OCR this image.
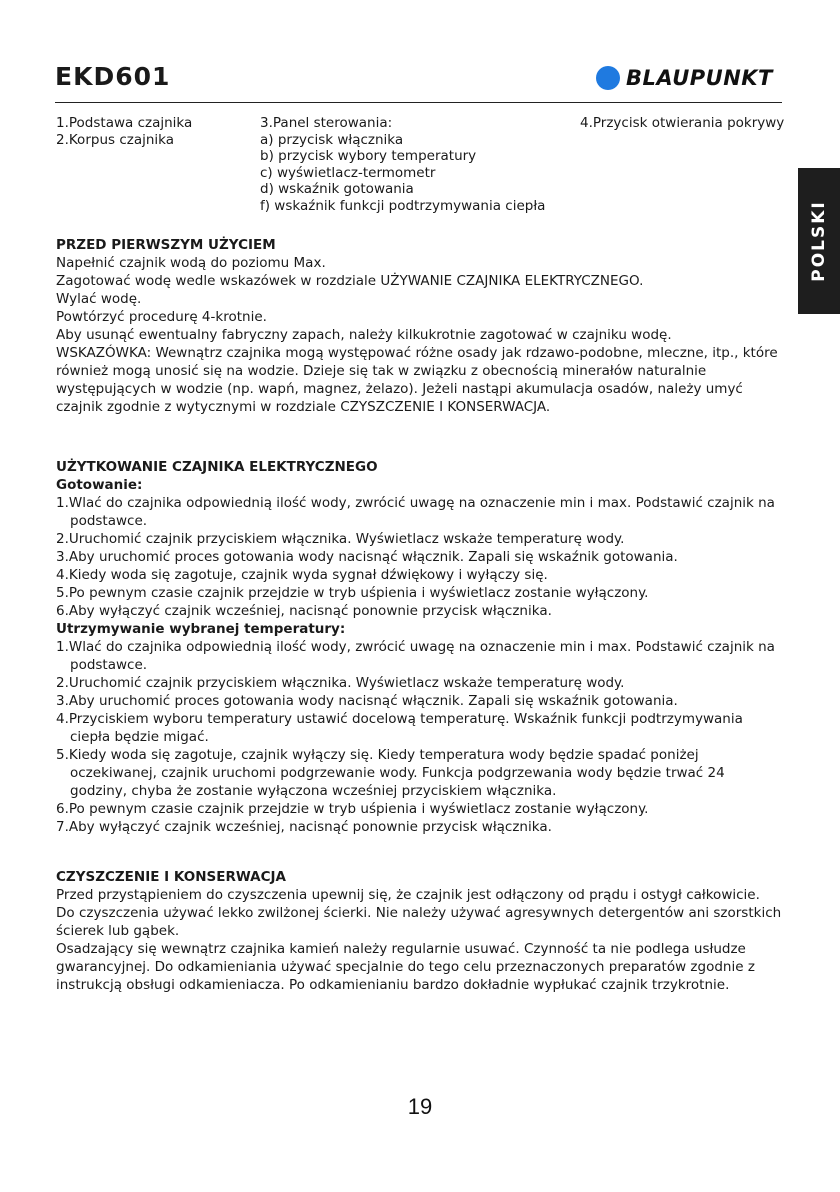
EKD601	BLAUPUNKT
1.Podstawa czajnika
2.Korpus czajnika
3.Panel sterowania:
a) przycisk włącznika
b) przycisk wybory temperatury
c) wyświetlacz-termometr
d) wskaźnik gotowania
f) wskaźnik funkcji podtrzymywania ciepła
4.Przycisk otwierania pokrywy
POLSKI
PRZED PIERWSZYM UŻYCIEM
Napełnić czajnik wodą do poziomu Max.
Zagotować wodę wedle wskazówek w rozdziale UŻYWANIE CZAJNIKA ELEKTRYCZNEGO.
Wylać wodę.
Powtórzyć procedurę 4-krotnie.
Aby usunąć ewentualny fabryczny zapach, należy kilkukrotnie zagotować w czajniku wodę.
WSKAZÓWKA: Wewnątrz czajnika mogą występować różne osady jak rdzawo-podobne, mleczne, itp., które również mogą unosić się na wodzie. Dzieje się tak w związku z obecnością minerałów naturalnie występujących w wodzie (np. wapń, magnez, żelazo). Jeżeli nastąpi akumulacja osadów, należy umyć czajnik zgodnie z wytycznymi w rozdziale CZYSZCZENIE I KONSERWACJA.
UŻYTKOWANIE CZAJNIKA ELEKTRYCZNEGO
Gotowanie:
1.Wlać do czajnika odpowiednią ilość wody, zwrócić uwagę na oznaczenie min i max. Podstawić czajnik na podstawce.
2.Uruchomić czajnik przyciskiem włącznika. Wyświetlacz wskaże temperaturę wody.
3.Aby uruchomić proces gotowania wody nacisnąć włącznik. Zapali się wskaźnik gotowania.
4.Kiedy woda się zagotuje, czajnik wyda sygnał dźwiękowy i wyłączy się.
5.Po pewnym czasie czajnik przejdzie w tryb uśpienia i wyświetlacz zostanie wyłączony.
6.Aby wyłączyć czajnik wcześniej, nacisnąć ponownie przycisk włącznika.
Utrzymywanie wybranej temperatury:
1.Wlać do czajnika odpowiednią ilość wody, zwrócić uwagę na oznaczenie min i max. Podstawić czajnik na podstawce.
2.Uruchomić czajnik przyciskiem włącznika. Wyświetlacz wskaże temperaturę wody.
3.Aby uruchomić proces gotowania wody nacisnąć włącznik. Zapali się wskaźnik gotowania.
4.Przyciskiem wyboru temperatury ustawić docelową temperaturę. Wskaźnik funkcji podtrzymywania ciepła będzie migać.
5.Kiedy woda się zagotuje, czajnik wyłączy się. Kiedy temperatura wody będzie spadać poniżej oczekiwanej, czajnik uruchomi podgrzewanie wody. Funkcja podgrzewania wody będzie trwać 24 godziny, chyba że zostanie wyłączona wcześniej przyciskiem włącznika.
6.Po pewnym czasie czajnik przejdzie w tryb uśpienia i wyświetlacz zostanie wyłączony.
7.Aby wyłączyć czajnik wcześniej, nacisnąć ponownie przycisk włącznika.
CZYSZCZENIE I KONSERWACJA
Przed przystąpieniem do czyszczenia upewnij się, że czajnik jest odłączony od prądu i ostygł całkowicie.
Do czyszczenia używać lekko zwilżonej ścierki. Nie należy używać agresywnych detergentów ani szorstkich ścierek lub gąbek.
Osadzający się wewnątrz czajnika kamień należy regularnie usuwać. Czynność ta nie podlega usłudze gwarancyjnej. Do odkamieniania używać specjalnie do tego celu przeznaczonych preparatów zgodnie z instrukcją obsługi odkamieniacza. Po odkamienianiu bardzo dokładnie wypłukać czajnik trzykrotnie.
19
